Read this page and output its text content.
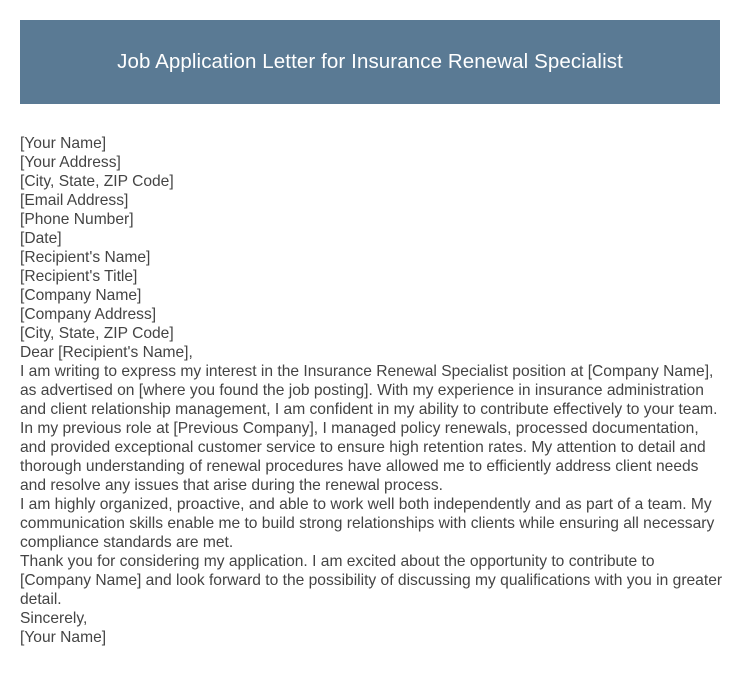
Job Application Letter for Insurance Renewal Specialist
[Your Name]
[Your Address]
[City, State, ZIP Code]
[Email Address]
[Phone Number]
[Date]
[Recipient's Name]
[Recipient's Title]
[Company Name]
[Company Address]
[City, State, ZIP Code]
Dear [Recipient's Name],
I am writing to express my interest in the Insurance Renewal Specialist position at [Company Name], as advertised on [where you found the job posting]. With my experience in insurance administration and client relationship management, I am confident in my ability to contribute effectively to your team.
In my previous role at [Previous Company], I managed policy renewals, processed documentation, and provided exceptional customer service to ensure high retention rates. My attention to detail and thorough understanding of renewal procedures have allowed me to efficiently address client needs and resolve any issues that arise during the renewal process.
I am highly organized, proactive, and able to work well both independently and as part of a team. My communication skills enable me to build strong relationships with clients while ensuring all necessary compliance standards are met.
Thank you for considering my application. I am excited about the opportunity to contribute to [Company Name] and look forward to the possibility of discussing my qualifications with you in greater detail.
Sincerely,
[Your Name]
